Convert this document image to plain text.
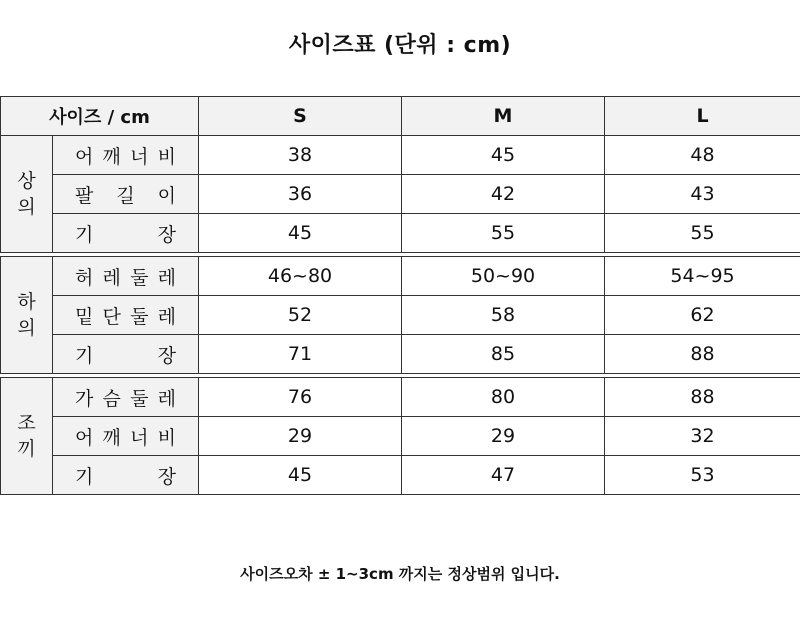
사이즈표 (단위 : cm)
사이즈 / cm		S	M	L

상
의	어 깨 너 비	38	45	48

	팔 길 이	36	42	43

	기 장	45	55	55

하
의	허 레 둘 레	46~80	50~90	54~95

	밑 단 둘 레	52	58	62

	기 장	71	85	88

조
끼	가 슴 둘 레	76	80	88

	어 깨 너 비	29	29	32

	기 장	45	47	53
사이즈오차 ± 1~3cm 까지는 정상범위 입니다.
